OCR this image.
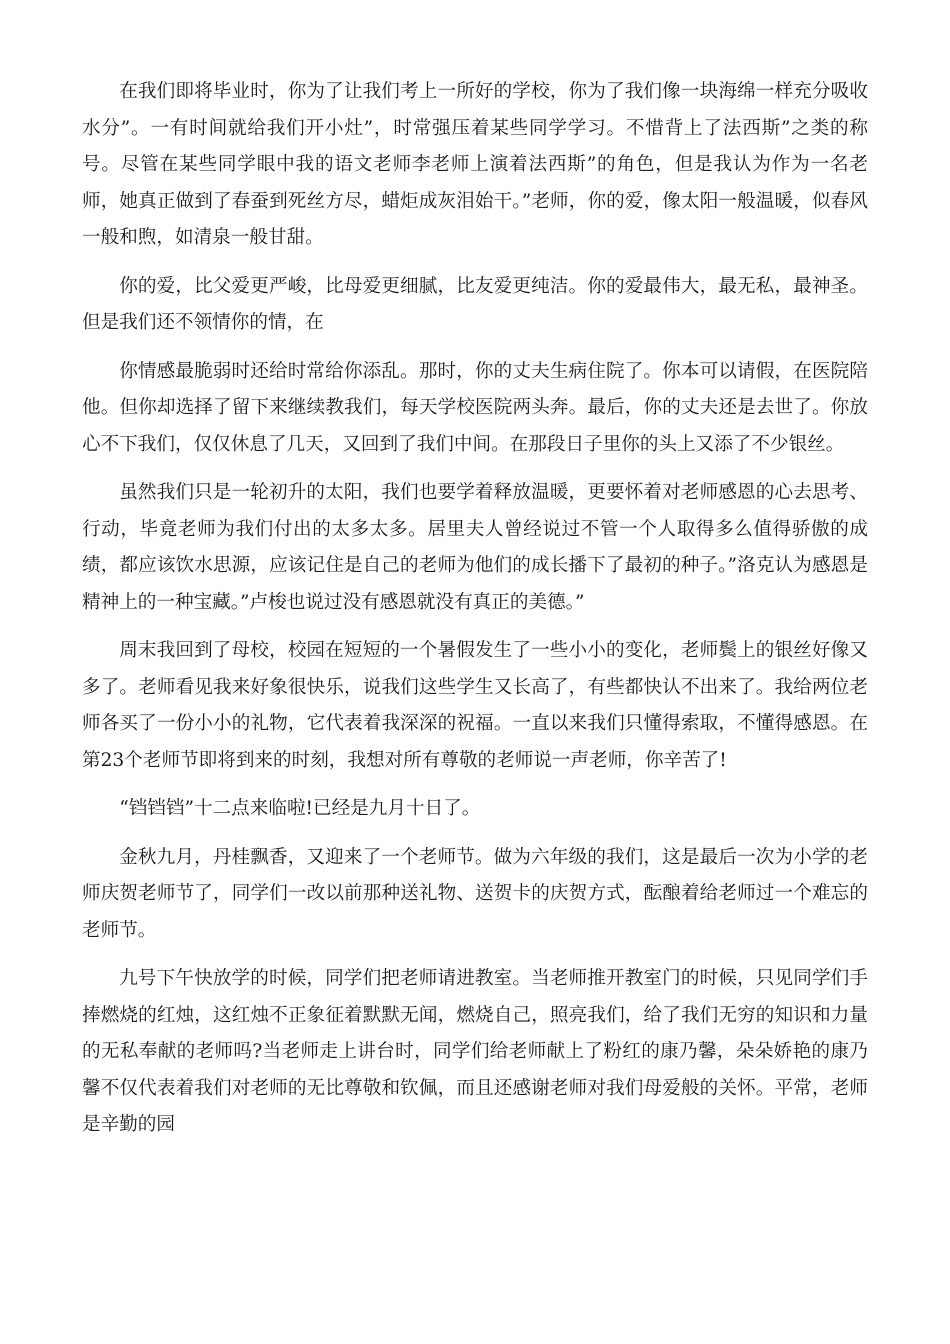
在我们即将毕业时，你为了让我们考上一所好的学校，你为了我们像一块海绵一样充分吸收水分”。一有时间就给我们开小灶”，时常强压着某些同学学习。不惜背上了法西斯”之类的称号。尽管在某些同学眼中我的语文老师李老师上演着法西斯”的角色，但是我认为作为一名老师，她真正做到了春蚕到死丝方尽，蜡炬成灰泪始干。”老师，你的爱，像太阳一般温暖，似春风一般和煦，如清泉一般甘甜。

你的爱，比父爱更严峻，比母爱更细腻，比友爱更纯洁。你的爱最伟大，最无私，最神圣。但是我们还不领情你的情，在

你情感最脆弱时还给时常给你添乱。那时，你的丈夫生病住院了。你本可以请假，在医院陪他。但你却选择了留下来继续教我们，每天学校医院两头奔。最后，你的丈夫还是去世了。你放心不下我们，仅仅休息了几天，又回到了我们中间。在那段日子里你的头上又添了不少银丝。

虽然我们只是一轮初升的太阳，我们也要学着释放温暖，更要怀着对老师感恩的心去思考、行动，毕竟老师为我们付出的太多太多。居里夫人曾经说过不管一个人取得多么值得骄傲的成绩，都应该饮水思源，应该记住是自己的老师为他们的成长播下了最初的种子。”洛克认为感恩是精神上的一种宝藏。”卢梭也说过没有感恩就没有真正的美德。”

周末我回到了母校，校园在短短的一个暑假发生了一些小小的变化，老师鬓上的银丝好像又多了。老师看见我来好象很快乐，说我们这些学生又长高了，有些都快认不出来了。我给两位老师各买了一份小小的礼物，它代表着我深深的祝福。一直以来我们只懂得索取，不懂得感恩。在第23个老师节即将到来的时刻，我想对所有尊敬的老师说一声老师，你辛苦了!

“铛铛铛”十二点来临啦!已经是九月十日了。

金秋九月，丹桂飘香，又迎来了一个老师节。做为六年级的我们，这是最后一次为小学的老师庆贺老师节了，同学们一改以前那种送礼物、送贺卡的庆贺方式，酝酿着给老师过一个难忘的老师节。

九号下午快放学的时候，同学们把老师请进教室。当老师推开教室门的时候，只见同学们手捧燃烧的红烛，这红烛不正象征着默默无闻，燃烧自己，照亮我们，给了我们无穷的知识和力量的无私奉献的老师吗?当老师走上讲台时，同学们给老师献上了粉红的康乃馨，朵朵娇艳的康乃馨不仅代表着我们对老师的无比尊敬和钦佩，而且还感谢老师对我们母爱般的关怀。平常，老师是辛勤的园
